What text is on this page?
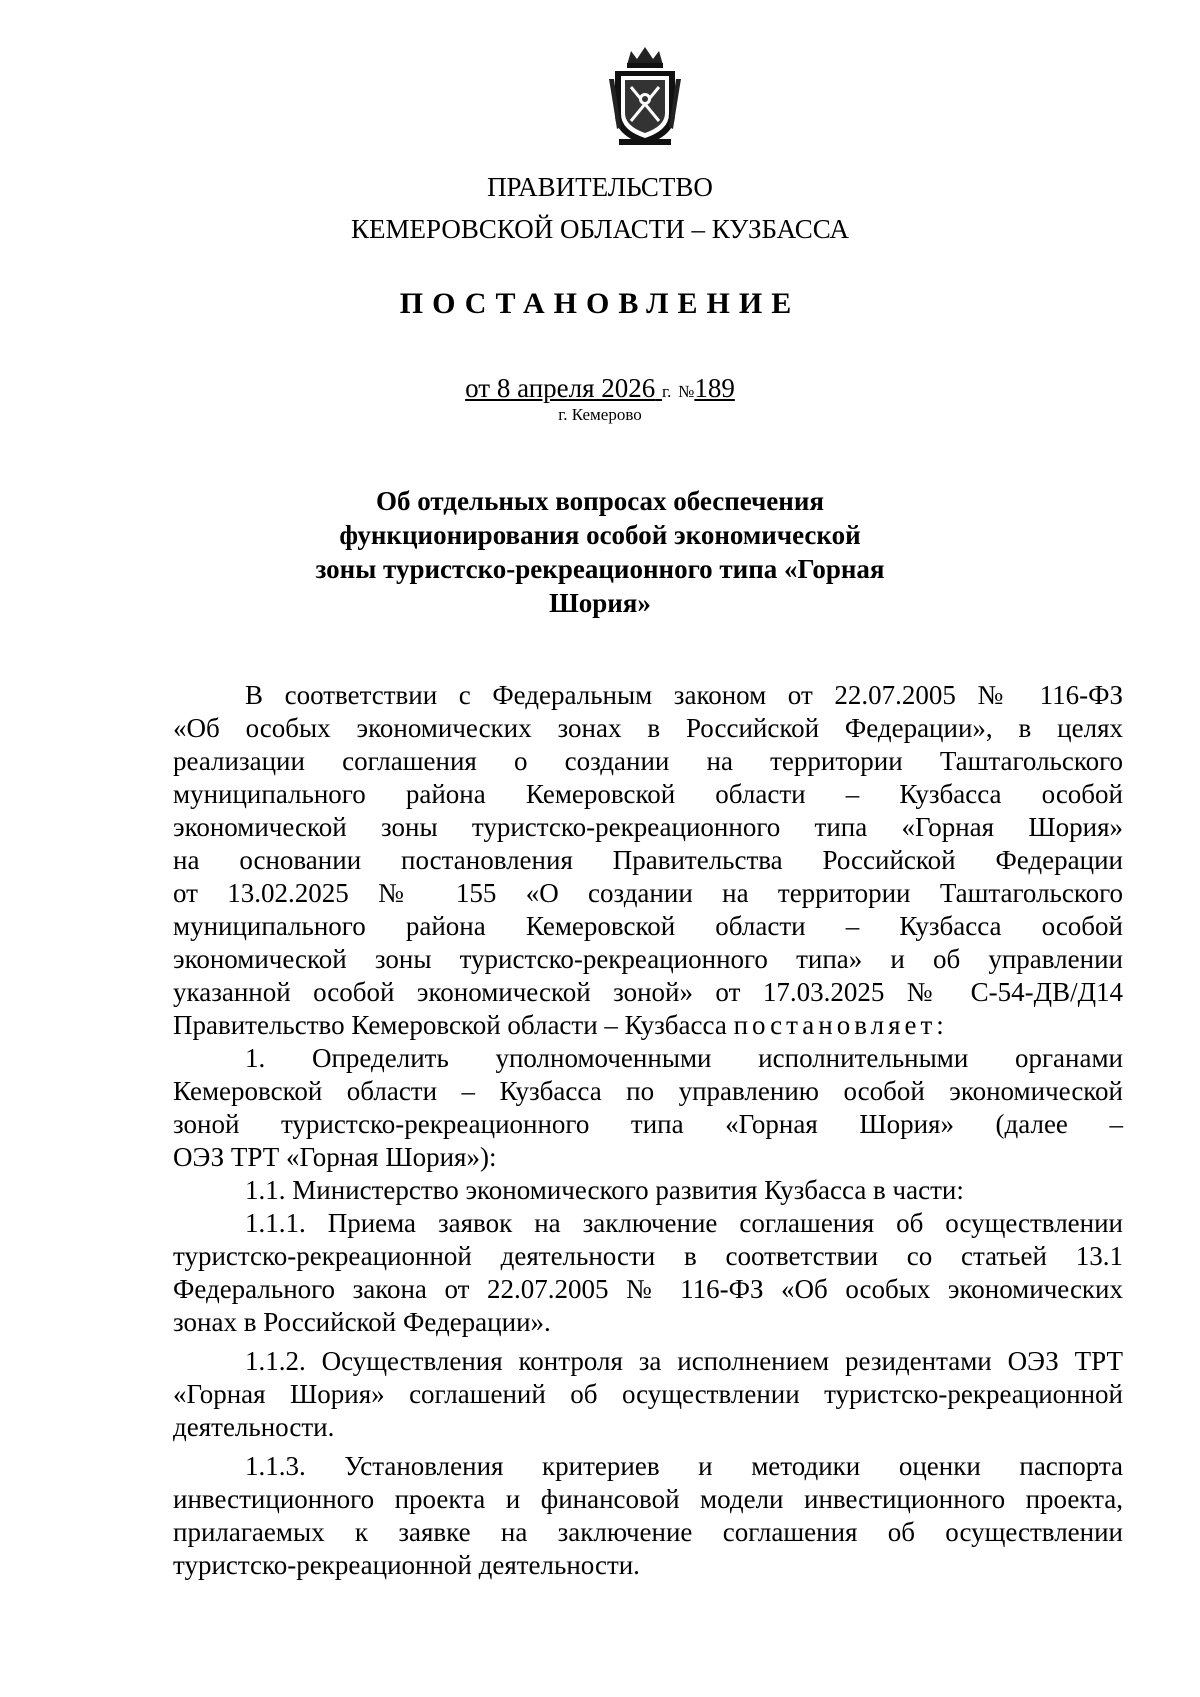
ПРАВИТЕЛЬСТВО
КЕМЕРОВСКОЙ ОБЛАСТИ – КУЗБАССА
ПОСТАНОВЛЕНИЕ
от 8 апреля 2026 г. №189
г. Кемерово
Об отдельных вопросах обеспечения
функционирования особой экономической
зоны туристско-рекреационного типа «Горная
Шория»
В соответствии с Федеральным законом от 22.07.2005 № 116-ФЗ
«Об особых экономических зонах в Российской Федерации», в целях
реализации соглашения о создании на территории Таштагольского
муниципального района Кемеровской области – Кузбасса особой
экономической зоны туристско-рекреационного типа «Горная Шория»
на основании постановления Правительства Российской Федерации
от 13.02.2025 № 155 «О создании на территории Таштагольского
муниципального района Кемеровской области – Кузбасса особой
экономической зоны туристско-рекреационного типа» и об управлении
указанной особой экономической зоной» от 17.03.2025 № С-54-ДВ/Д14
Правительство Кемеровской области – Кузбасса постановляет:
1. Определить уполномоченными исполнительными органами
Кемеровской области – Кузбасса по управлению особой экономической
зоной туристско-рекреационного типа «Горная Шория» (далее –
ОЭЗ ТРТ «Горная Шория»):
1.1. Министерство экономического развития Кузбасса в части:
1.1.1. Приема заявок на заключение соглашения об осуществлении
туристско-рекреационной деятельности в соответствии со статьей 13.1
Федерального закона от 22.07.2005 № 116-ФЗ «Об особых экономических
зонах в Российской Федерации».
1.1.2. Осуществления контроля за исполнением резидентами ОЭЗ ТРТ
«Горная Шория» соглашений об осуществлении туристско-рекреационной
деятельности.
1.1.3. Установления критериев и методики оценки паспорта
инвестиционного проекта и финансовой модели инвестиционного проекта,
прилагаемых к заявке на заключение соглашения об осуществлении
туристско-рекреационной деятельности.
